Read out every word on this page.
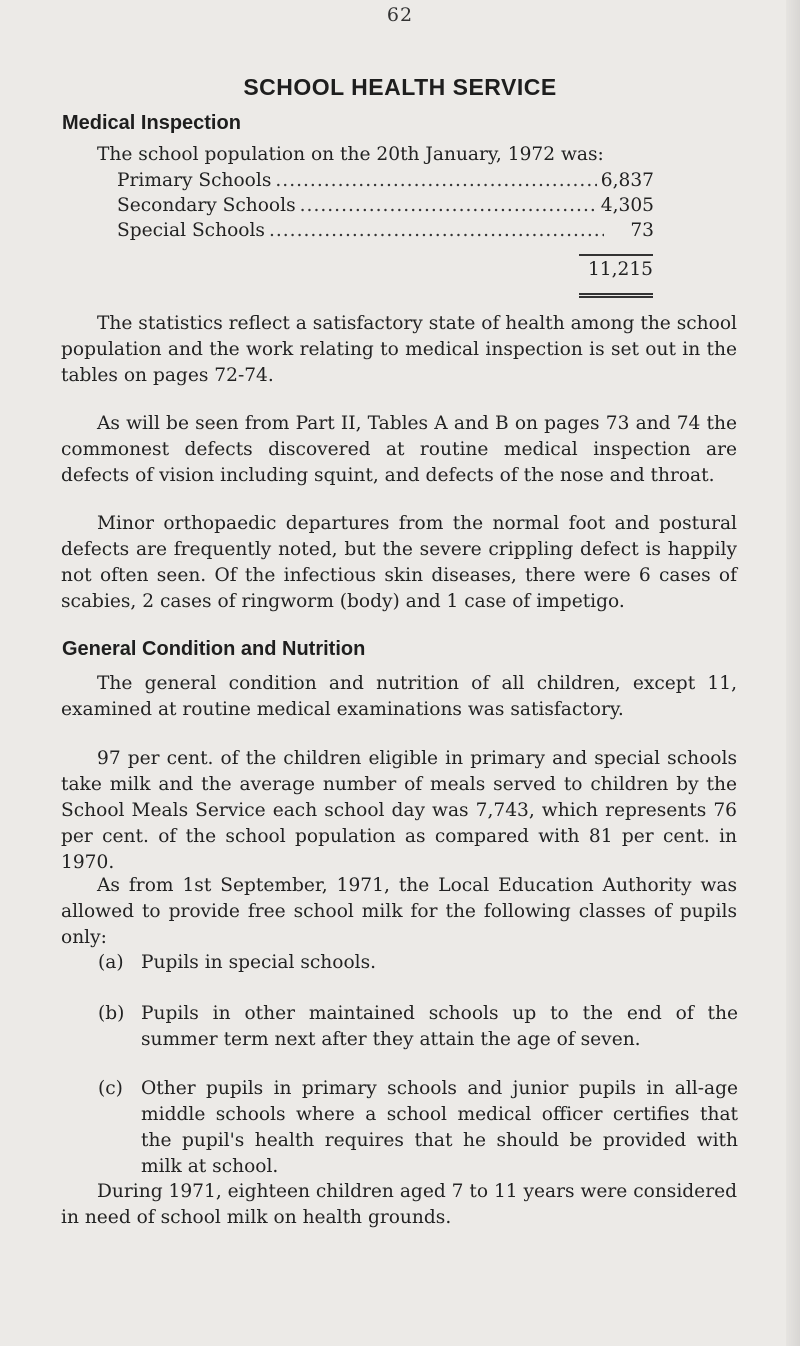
62
SCHOOL HEALTH SERVICE
Medical Inspection

The school population on the 20th January, 1972 was:

Primary Schools .....	6,837
Secondary Schools .....	4,305
Special Schools .....	73
11,215

The statistics reflect a satisfactory state of health among the school population and the work relating to medical inspection is set out in the tables on pages 72-74.

As will be seen from Part II, Tables A and B on pages 73 and 74 the commonest defects discovered at routine medical inspection are defects of vision including squint, and defects of the nose and throat.

Minor orthopaedic departures from the normal foot and postural defects are frequently noted, but the severe crippling defect is happily not often seen. Of the infectious skin diseases, there were 6 cases of scabies, 2 cases of ringworm (body) and 1 case of impetigo.

General Condition and Nutrition

The general condition and nutrition of all children, except 11, examined at routine medical examinations was satisfactory.

97 per cent. of the children eligible in primary and special schools take milk and the average number of meals served to children by the School Meals Service each school day was 7,743, which represents 76 per cent. of the school population as compared with 81 per cent. in 1970.

As from 1st September, 1971, the Local Education Authority was allowed to provide free school milk for the following classes of pupils only:

(a) Pupils in special schools.
(b) Pupils in other maintained schools up to the end of the summer term next after they attain the age of seven.
(c) Other pupils in primary schools and junior pupils in all-age middle schools where a school medical officer certifies that the pupil's health requires that he should be provided with milk at school.

During 1971, eighteen children aged 7 to 11 years were considered in need of school milk on health grounds.
